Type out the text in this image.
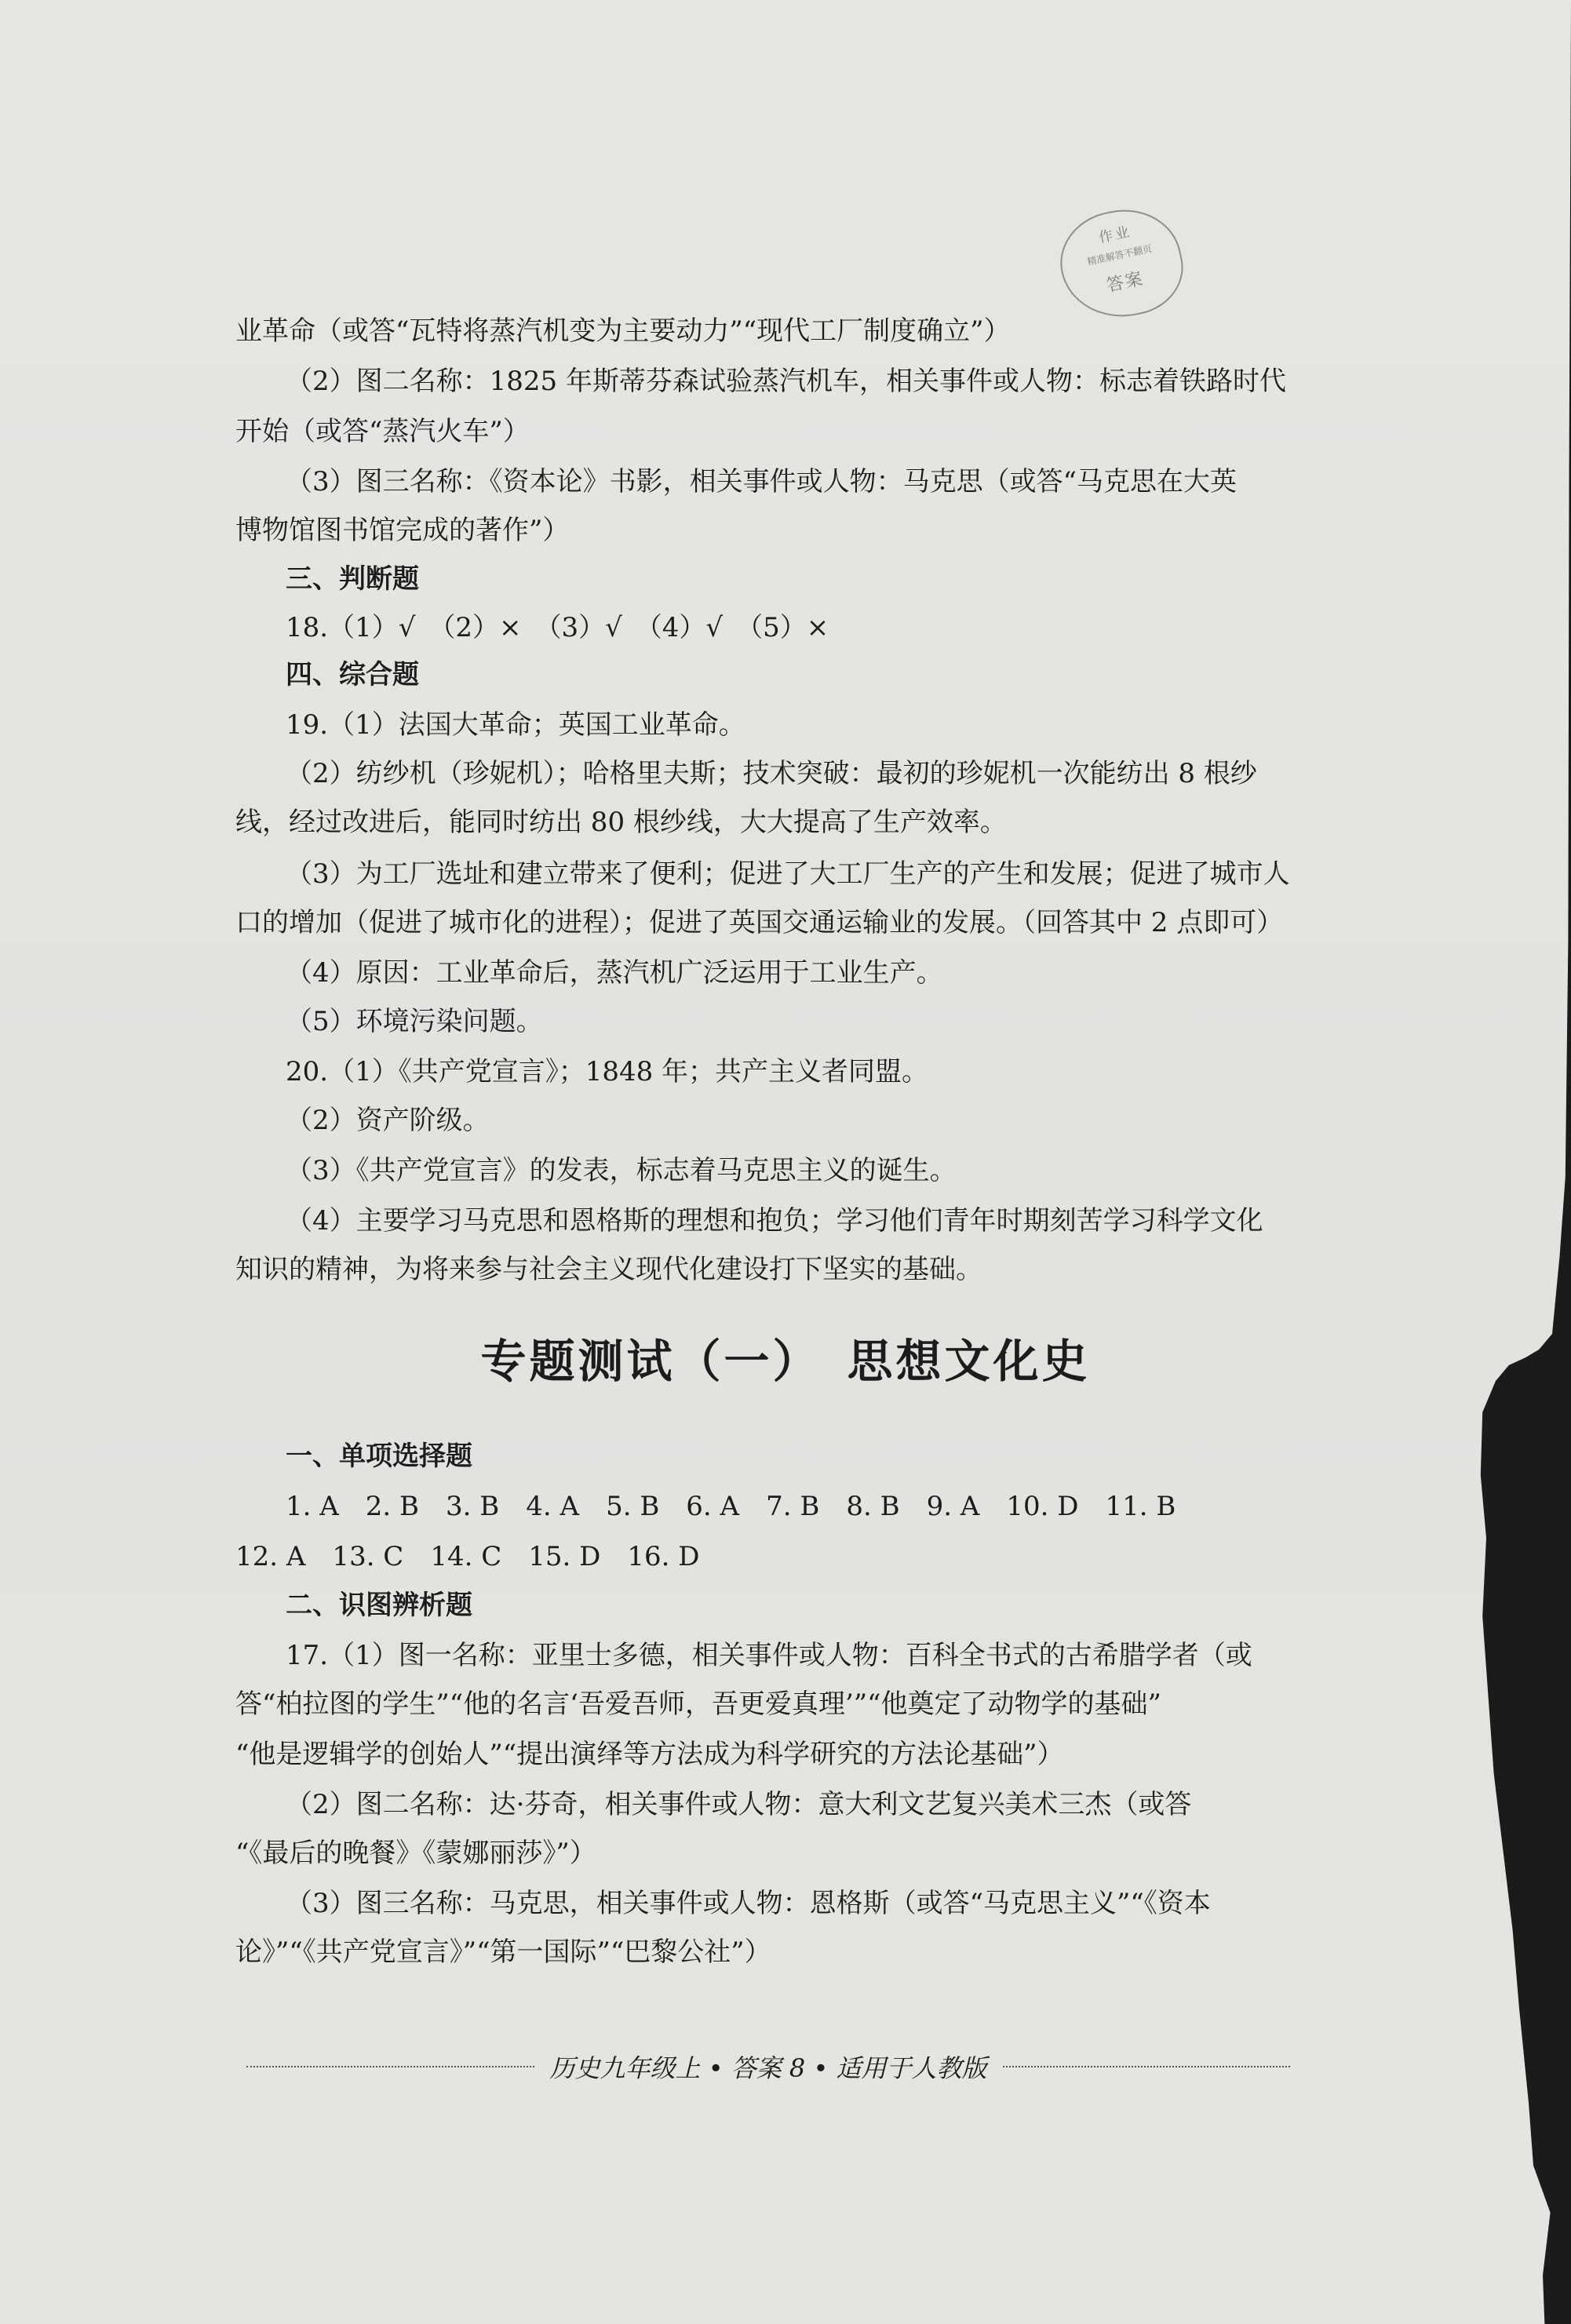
作业
精准解答不翻页
答案
业革命（或答“瓦特将蒸汽机变为主要动力”“现代工厂制度确立”）
（2）图二名称：1825 年斯蒂芬森试验蒸汽机车，相关事件或人物：标志着铁路时代
开始（或答“蒸汽火车”）
（3）图三名称：《资本论》书影，相关事件或人物：马克思（或答“马克思在大英
博物馆图书馆完成的著作”）
三、判断题
18.（1）√　（2）×　（3）√　（4）√　（5）×
四、综合题
19.（1）法国大革命；英国工业革命。
（2）纺纱机（珍妮机）；哈格里夫斯；技术突破：最初的珍妮机一次能纺出 8 根纱
线，经过改进后，能同时纺出 80 根纱线，大大提高了生产效率。
（3）为工厂选址和建立带来了便利；促进了大工厂生产的产生和发展；促进了城市人
口的增加（促进了城市化的进程）；促进了英国交通运输业的发展。（回答其中 2 点即可）
（4）原因：工业革命后，蒸汽机广泛运用于工业生产。
（5）环境污染问题。
20.（1）《共产党宣言》；1848 年；共产主义者同盟。
（2）资产阶级。
（3）《共产党宣言》的发表，标志着马克思主义的诞生。
（4）主要学习马克思和恩格斯的理想和抱负；学习他们青年时期刻苦学习科学文化
知识的精神，为将来参与社会主义现代化建设打下坚实的基础。
专题测试（一）　思想文化史
一、单项选择题
1. A　2. B　3. B　4. A　5. B　6. A　7. B　8. B　9. A　10. D　11. B
12. A　13. C　14. C　15. D　16. D
二、识图辨析题
17.（1）图一名称：亚里士多德，相关事件或人物：百科全书式的古希腊学者（或
答“柏拉图的学生”“他的名言‘吾爱吾师，吾更爱真理’”“他奠定了动物学的基础”
“他是逻辑学的创始人”“提出演绎等方法成为科学研究的方法论基础”）
（2）图二名称：达·芬奇，相关事件或人物：意大利文艺复兴美术三杰（或答
“《最后的晚餐》《蒙娜丽莎》”）
（3）图三名称：马克思，相关事件或人物：恩格斯（或答“马克思主义”“《资本
论》”“《共产党宣言》”“第一国际”“巴黎公社”）
历史九年级上 • 答案 8 • 适用于人教版
